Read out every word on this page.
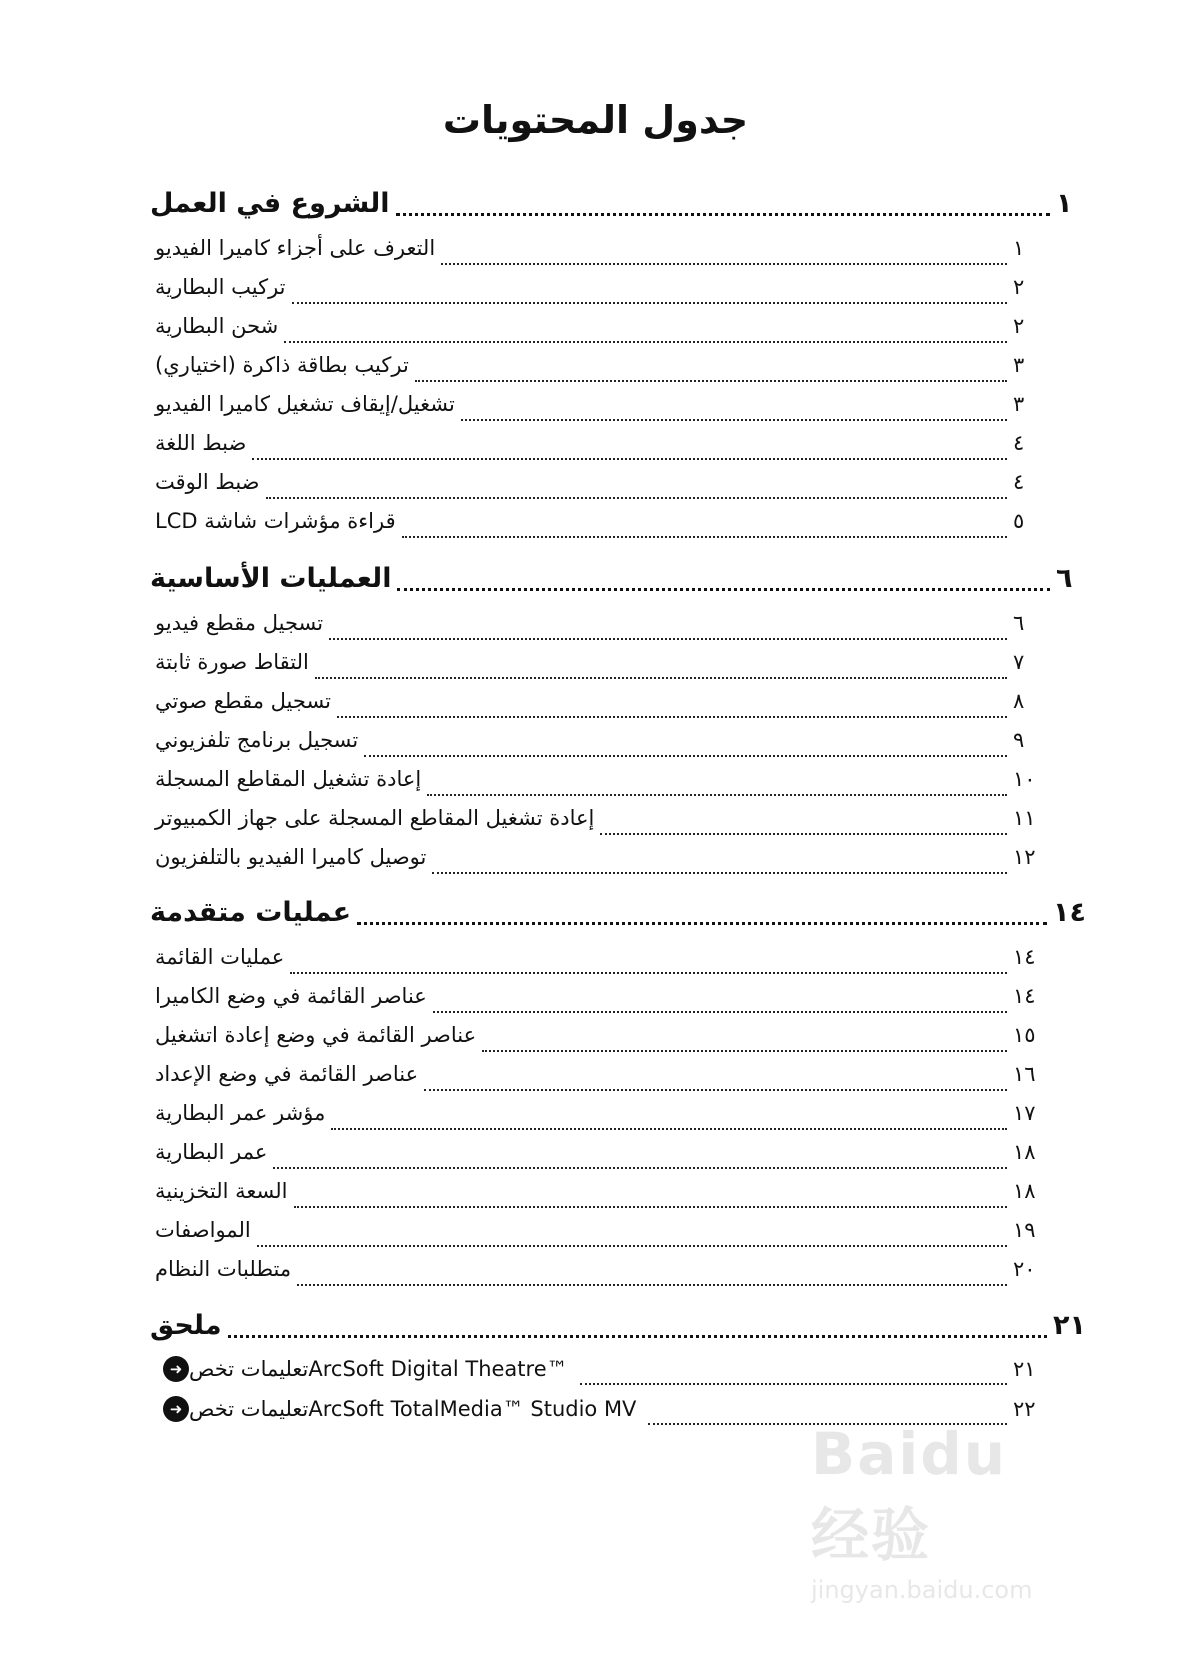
جدول المحتويات
الشروع في العمل	١
التعرف على أجزاء كاميرا الفيديو	١
تركيب البطارية	٢
شحن البطارية	٢
تركيب بطاقة ذاكرة (اختياري)	٣
تشغيل/إيقاف تشغيل كاميرا الفيديو	٣
ضبط اللغة	٤
ضبط الوقت	٤
قراءة مؤشرات شاشة LCD	٥
العمليات الأساسية	٦
تسجيل مقطع فيديو	٦
التقاط صورة ثابتة	٧
تسجيل مقطع صوتي	٨
تسجيل برنامج تلفزيوني	٩
إعادة تشغيل المقاطع المسجلة	١٠
إعادة تشغيل المقاطع المسجلة على جهاز الكمبيوتر	١١
توصيل كاميرا الفيديو بالتلفزيون	١٢
عمليات متقدمة	١٤
عمليات القائمة	١٤
عناصر القائمة في وضع الكاميرا	١٤
عناصر القائمة في وضع إعادة اتشغيل	١٥
عناصر القائمة في وضع الإعداد	١٦
مؤشر عمر البطارية	١٧
عمر البطارية	١٨
السعة التخزينية	١٨
المواصفات	١٩
متطلبات النظام	٢٠
ملحق	٢١
➜ تعليمات تخص ArcSoft Digital Theatre™	٢١
➜ تعليمات تخص ArcSoft TotalMedia™ Studio MV	٢٢
Baidu经验
jingyan.baidu.com
